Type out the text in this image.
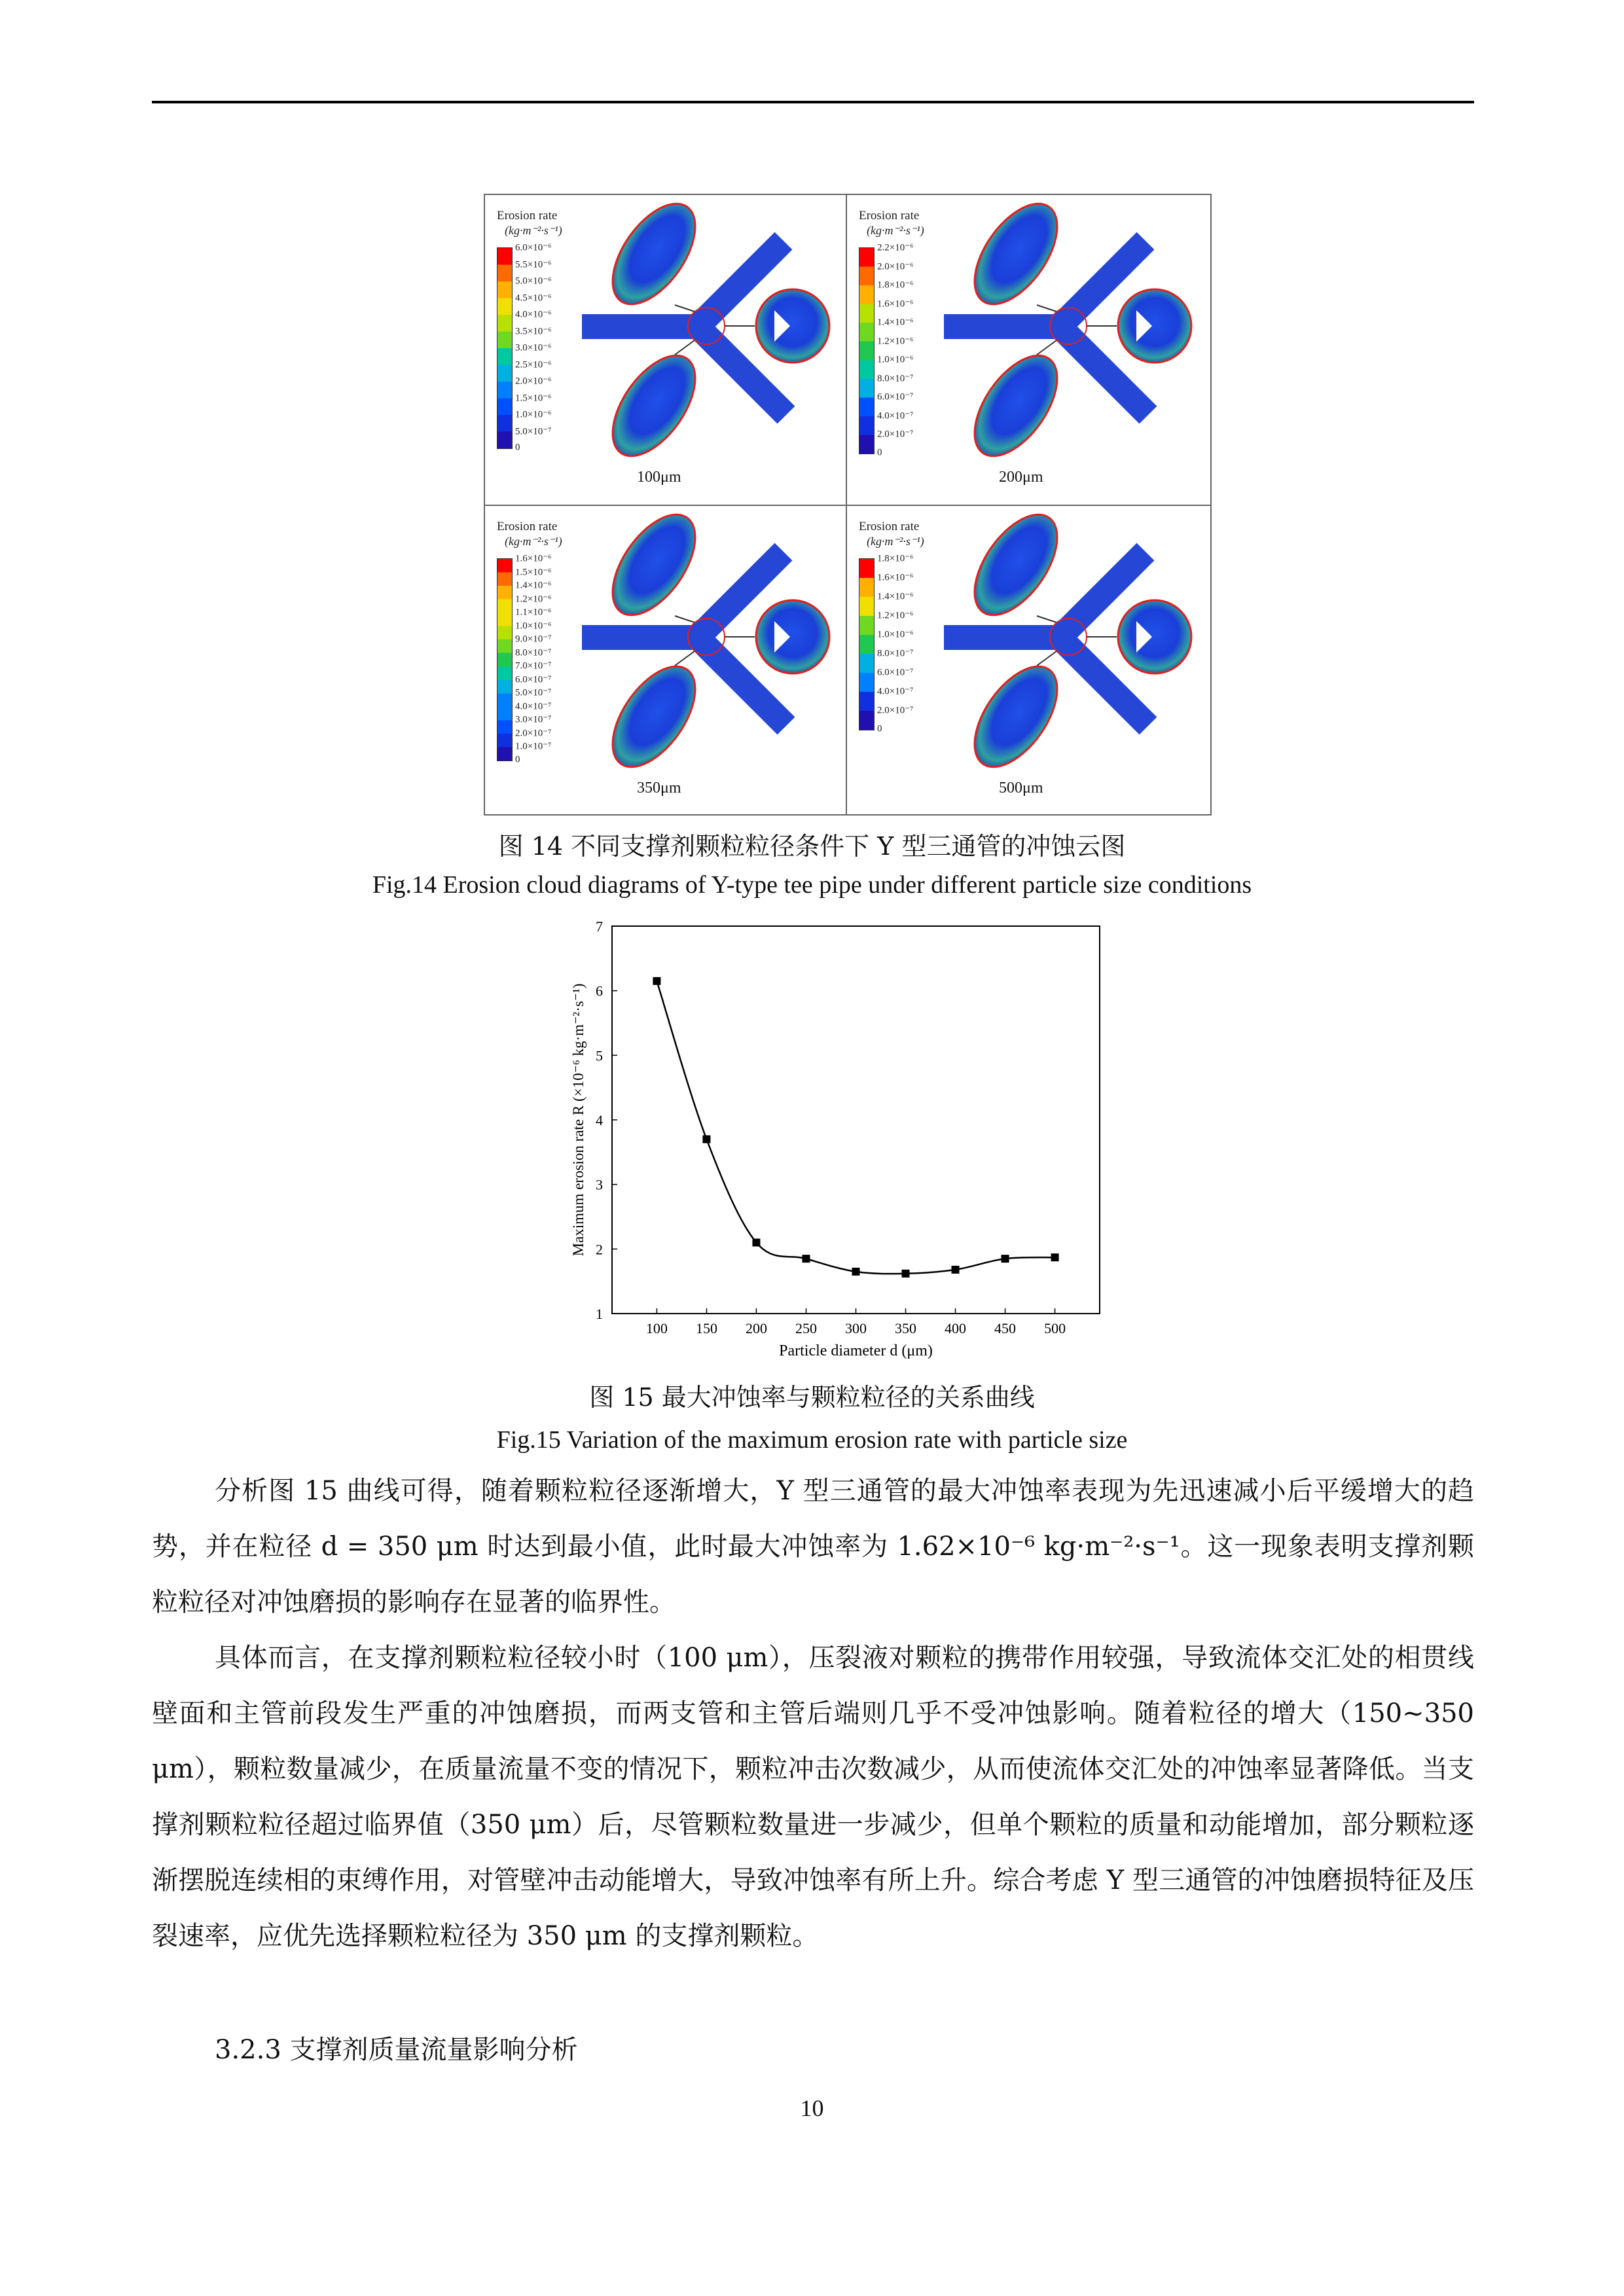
Erosion rate
(kg·m⁻²·s⁻¹)
6.0×10⁻⁶
5.5×10⁻⁶
5.0×10⁻⁶
4.5×10⁻⁶
4.0×10⁻⁶
3.5×10⁻⁶
3.0×10⁻⁶
2.5×10⁻⁶
2.0×10⁻⁶
1.5×10⁻⁶
1.0×10⁻⁶
5.0×10⁻⁷
0
100μm
Erosion rate
(kg·m⁻²·s⁻¹)
2.2×10⁻⁶
2.0×10⁻⁶
1.8×10⁻⁶
1.6×10⁻⁶
1.4×10⁻⁶
1.2×10⁻⁶
1.0×10⁻⁶
8.0×10⁻⁷
6.0×10⁻⁷
4.0×10⁻⁷
2.0×10⁻⁷
0
200μm
Erosion rate
(kg·m⁻²·s⁻¹)
1.6×10⁻⁶
1.5×10⁻⁶
1.4×10⁻⁶
1.2×10⁻⁶
1.1×10⁻⁶
1.0×10⁻⁶
9.0×10⁻⁷
8.0×10⁻⁷
7.0×10⁻⁷
6.0×10⁻⁷
5.0×10⁻⁷
4.0×10⁻⁷
3.0×10⁻⁷
2.0×10⁻⁷
1.0×10⁻⁷
0
350μm
Erosion rate
(kg·m⁻²·s⁻¹)
1.8×10⁻⁶
1.6×10⁻⁶
1.4×10⁻⁶
1.2×10⁻⁶
1.0×10⁻⁶
8.0×10⁻⁷
6.0×10⁻⁷
4.0×10⁻⁷
2.0×10⁻⁷
0
500μm
图 14 不同支撑剂颗粒粒径条件下 Y 型三通管的冲蚀云图
Fig.14 Erosion cloud diagrams of Y-type tee pipe under different particle size conditions
1
2
3
4
5
6
7
100 150 200 250 300 350 400 450 500
Particle diameter d (μm)
Maximum erosion rate R (×10⁻⁶ kg·m⁻²·s⁻¹)
图 15 最大冲蚀率与颗粒粒径的关系曲线
Fig.15 Variation of the maximum erosion rate with particle size

分析图 15 曲线可得，随着颗粒粒径逐渐增大，Y 型三通管的最大冲蚀率表现为先迅速减小后平缓增大的趋势，并在粒径 d = 350 μm 时达到最小值，此时最大冲蚀率为 1.62×10⁻⁶ kg·m⁻²·s⁻¹。这一现象表明支撑剂颗粒粒径对冲蚀磨损的影响存在显著的临界性。

具体而言，在支撑剂颗粒粒径较小时（100 μm），压裂液对颗粒的携带作用较强，导致流体交汇处的相贯线壁面和主管前段发生严重的冲蚀磨损，而两支管和主管后端则几乎不受冲蚀影响。随着粒径的增大（150~350 μm），颗粒数量减少，在质量流量不变的情况下，颗粒冲击次数减少，从而使流体交汇处的冲蚀率显著降低。当支撑剂颗粒粒径超过临界值（350 μm）后，尽管颗粒数量进一步减少，但单个颗粒的质量和动能增加，部分颗粒逐渐摆脱连续相的束缚作用，对管壁冲击动能增大，导致冲蚀率有所上升。综合考虑 Y 型三通管的冲蚀磨损特征及压裂速率，应优先选择颗粒粒径为 350 μm 的支撑剂颗粒。

3.2.3 支撑剂质量流量影响分析
10
